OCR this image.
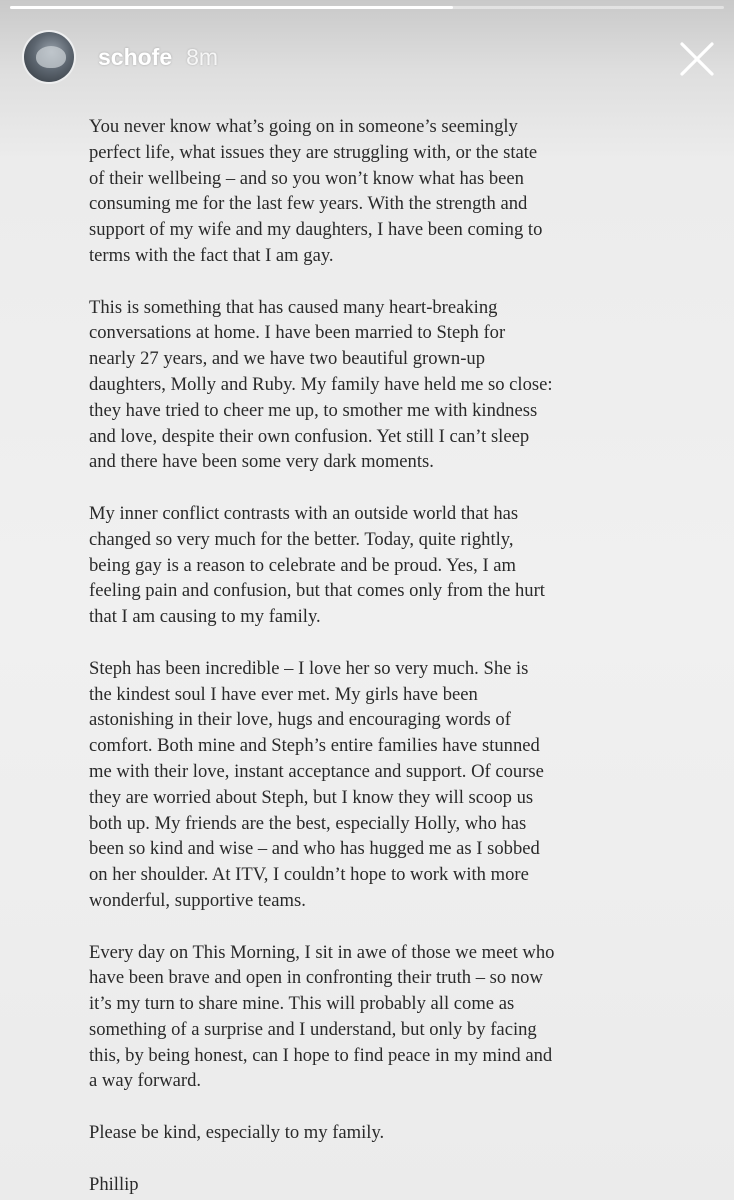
schofe 8m

You never know what’s going on in someone’s seemingly
perfect life, what issues they are struggling with, or the state
of their wellbeing – and so you won’t know what has been
consuming me for the last few years. With the strength and
support of my wife and my daughters, I have been coming to
terms with the fact that I am gay.

This is something that has caused many heart-breaking
conversations at home. I have been married to Steph for
nearly 27 years, and we have two beautiful grown-up
daughters, Molly and Ruby. My family have held me so close:
they have tried to cheer me up, to smother me with kindness
and love, despite their own confusion. Yet still I can’t sleep
and there have been some very dark moments.

My inner conflict contrasts with an outside world that has
changed so very much for the better. Today, quite rightly,
being gay is a reason to celebrate and be proud. Yes, I am
feeling pain and confusion, but that comes only from the hurt
that I am causing to my family.

Steph has been incredible – I love her so very much. She is
the kindest soul I have ever met. My girls have been
astonishing in their love, hugs and encouraging words of
comfort. Both mine and Steph’s entire families have stunned
me with their love, instant acceptance and support. Of course
they are worried about Steph, but I know they will scoop us
both up. My friends are the best, especially Holly, who has
been so kind and wise – and who has hugged me as I sobbed
on her shoulder. At ITV, I couldn’t hope to work with more
wonderful, supportive teams.

Every day on This Morning, I sit in awe of those we meet who
have been brave and open in confronting their truth – so now
it’s my turn to share mine. This will probably all come as
something of a surprise and I understand, but only by facing
this, by being honest, can I hope to find peace in my mind and
a way forward.

Please be kind, especially to my family.

Phillip
